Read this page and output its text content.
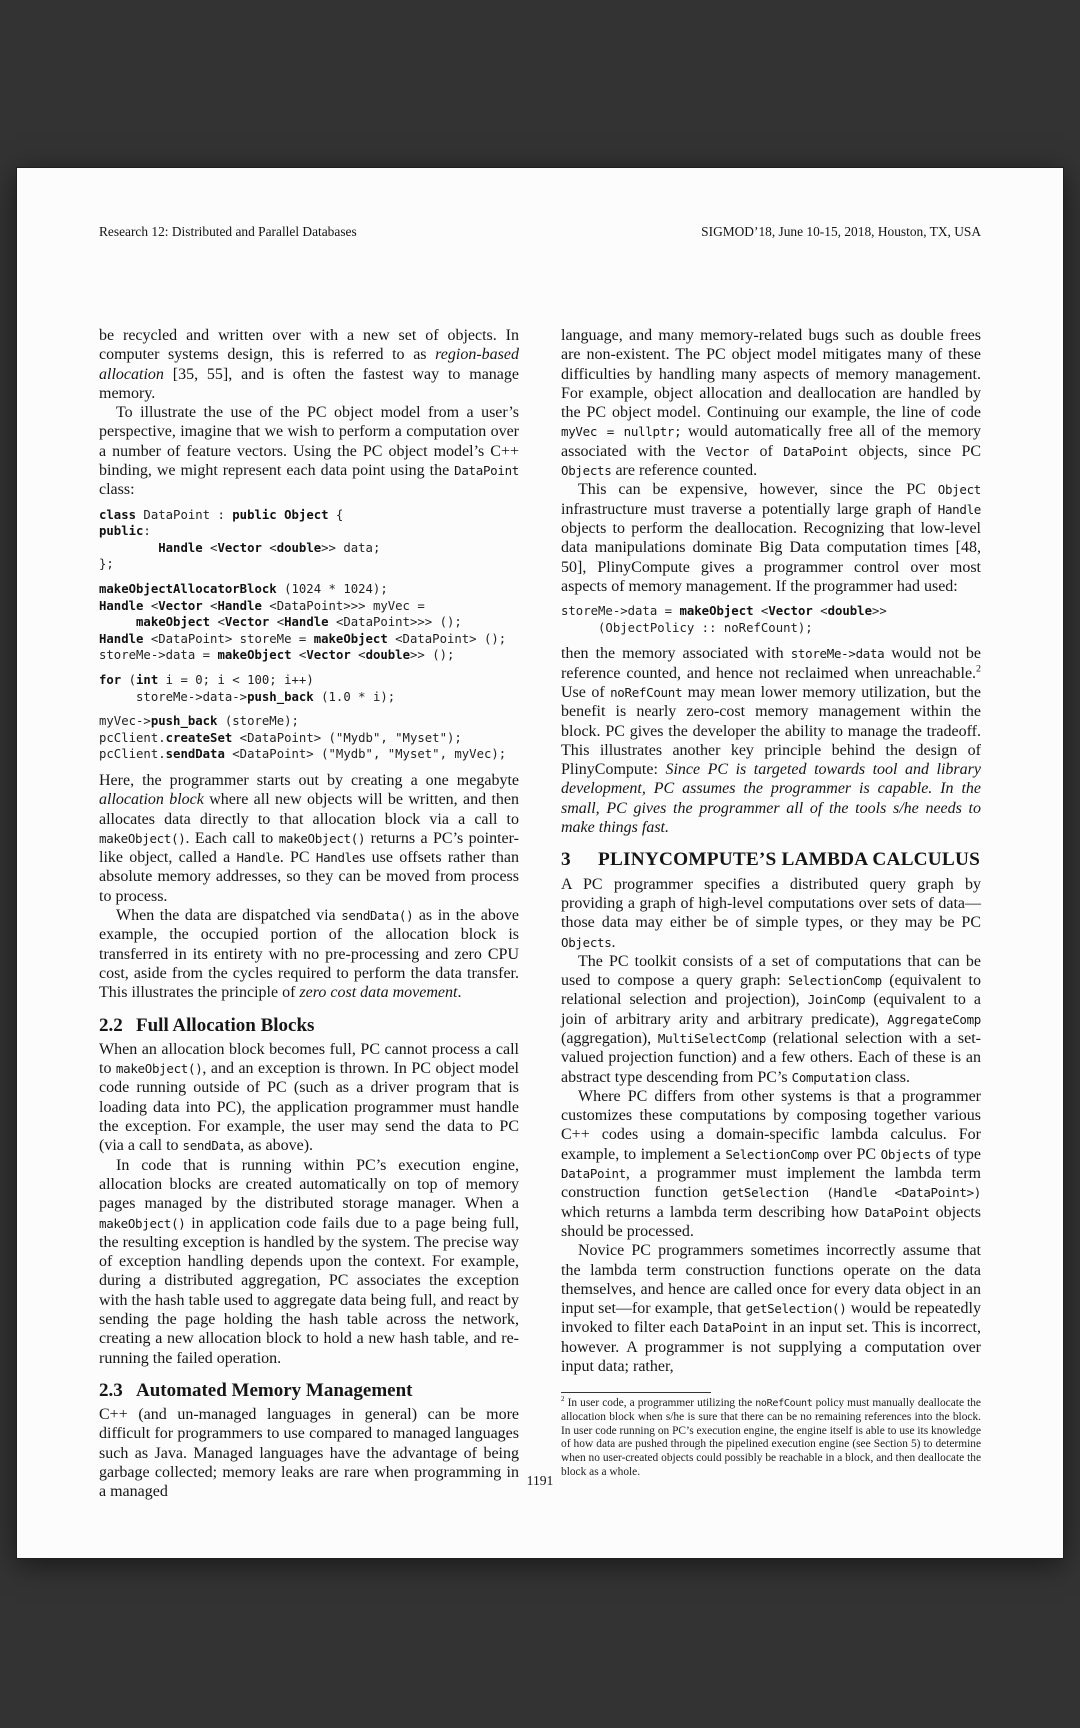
Research 12: Distributed and Parallel Databases	SIGMOD’18, June 10-15, 2018, Houston, TX, USA

be recycled and written over with a new set of objects. In computer systems design, this is referred to as region-based allocation [35, 55], and is often the fastest way to manage memory.

To illustrate the use of the PC object model from a user’s perspective, imagine that we wish to perform a computation over a number of feature vectors. Using the PC object model’s C++ binding, we might represent each data point using the DataPoint class:

class DataPoint : public Object {
public:
Handle <Vector <double>> data;
};
makeObjectAllocatorBlock (1024 * 1024);
Handle <Vector <Handle <DataPoint>>> myVec =
makeObject <Vector <Handle <DataPoint>>> ();
Handle <DataPoint> storeMe = makeObject <DataPoint> ();
storeMe->data = makeObject <Vector <double>> ();
for (int i = 0; i < 100; i++)
storeMe->data->push_back (1.0 * i);
myVec->push_back (storeMe);
pcClient.createSet <DataPoint> ("Mydb", "Myset");
pcClient.sendData <DataPoint> ("Mydb", "Myset", myVec);

Here, the programmer starts out by creating a one megabyte allocation block where all new objects will be written, and then allocates data directly to that allocation block via a call to makeObject(). Each call to makeObject() returns a PC’s pointer-like object, called a Handle. PC Handles use offsets rather than absolute memory addresses, so they can be moved from process to process.

When the data are dispatched via sendData() as in the above example, the occupied portion of the allocation block is transferred in its entirety with no pre-processing and zero CPU cost, aside from the cycles required to perform the data transfer. This illustrates the principle of zero cost data movement.

2.2 Full Allocation Blocks

When an allocation block becomes full, PC cannot process a call to makeObject(), and an exception is thrown. In PC object model code running outside of PC (such as a driver program that is loading data into PC), the application programmer must handle the exception. For example, the user may send the data to PC (via a call to sendData, as above).

In code that is running within PC’s execution engine, allocation blocks are created automatically on top of memory pages managed by the distributed storage manager. When a makeObject() in application code fails due to a page being full, the resulting exception is handled by the system. The precise way of exception handling depends upon the context. For example, during a distributed aggregation, PC associates the exception with the hash table used to aggregate data being full, and react by sending the page holding the hash table across the network, creating a new allocation block to hold a new hash table, and re-running the failed operation.

2.3 Automated Memory Management

C++ (and un-managed languages in general) can be more difficult for programmers to use compared to managed languages such as Java. Managed languages have the advantage of being garbage collected; memory leaks are rare when programming in a managed

language, and many memory-related bugs such as double frees are non-existent. The PC object model mitigates many of these difficulties by handling many aspects of memory management. For example, object allocation and deallocation are handled by the PC object model. Continuing our example, the line of code myVec = nullptr; would automatically free all of the memory associated with the Vector of DataPoint objects, since PC Objects are reference counted.

This can be expensive, however, since the PC Object infrastructure must traverse a potentially large graph of Handle objects to perform the deallocation. Recognizing that low-level data manipulations dominate Big Data computation times [48, 50], PlinyCompute gives a programmer control over most aspects of memory management. If the programmer had used:

storeMe->data = makeObject <Vector <double>>
(ObjectPolicy :: noRefCount);

then the memory associated with storeMe->data would not be reference counted, and hence not reclaimed when unreachable.$^2$ Use of noRefCount may mean lower memory utilization, but the benefit is nearly zero-cost memory management within the block. PC gives the developer the ability to manage the tradeoff. This illustrates another key principle behind the design of PlinyCompute: Since PC is targeted towards tool and library development, PC assumes the programmer is capable. In the small, PC gives the programmer all of the tools s/he needs to make things fast.

3	PLINYCOMPUTE’S LAMBDA CALCULUS

A PC programmer specifies a distributed query graph by providing a graph of high-level computations over sets of data—those data may either be of simple types, or they may be PC Objects.

The PC toolkit consists of a set of computations that can be used to compose a query graph: SelectionComp (equivalent to relational selection and projection), JoinComp (equivalent to a join of arbitrary arity and arbitrary predicate), AggregateComp (aggregation), MultiSelectComp (relational selection with a set-valued projection function) and a few others. Each of these is an abstract type descending from PC’s Computation class.

Where PC differs from other systems is that a programmer customizes these computations by composing together various C++ codes using a domain-specific lambda calculus. For example, to implement a SelectionComp over PC Objects of type DataPoint, a programmer must implement the lambda term construction function getSelection (Handle <DataPoint>) which returns a lambda term describing how DataPoint objects should be processed.

Novice PC programmers sometimes incorrectly assume that the lambda term construction functions operate on the data themselves, and hence are called once for every data object in an input set—for example, that getSelection() would be repeatedly invoked to filter each DataPoint in an input set. This is incorrect, however. A programmer is not supplying a computation over input data; rather,

$^2$ In user code, a programmer utilizing the noRefCount policy must manually deallocate the allocation block when s/he is sure that there can be no remaining references into the block. In user code running on PC’s execution engine, the engine itself is able to use its knowledge of how data are pushed through the pipelined execution engine (see Section 5) to determine when no user-created objects could possibly be reachable in a block, and then deallocate the block as a whole.
1191
